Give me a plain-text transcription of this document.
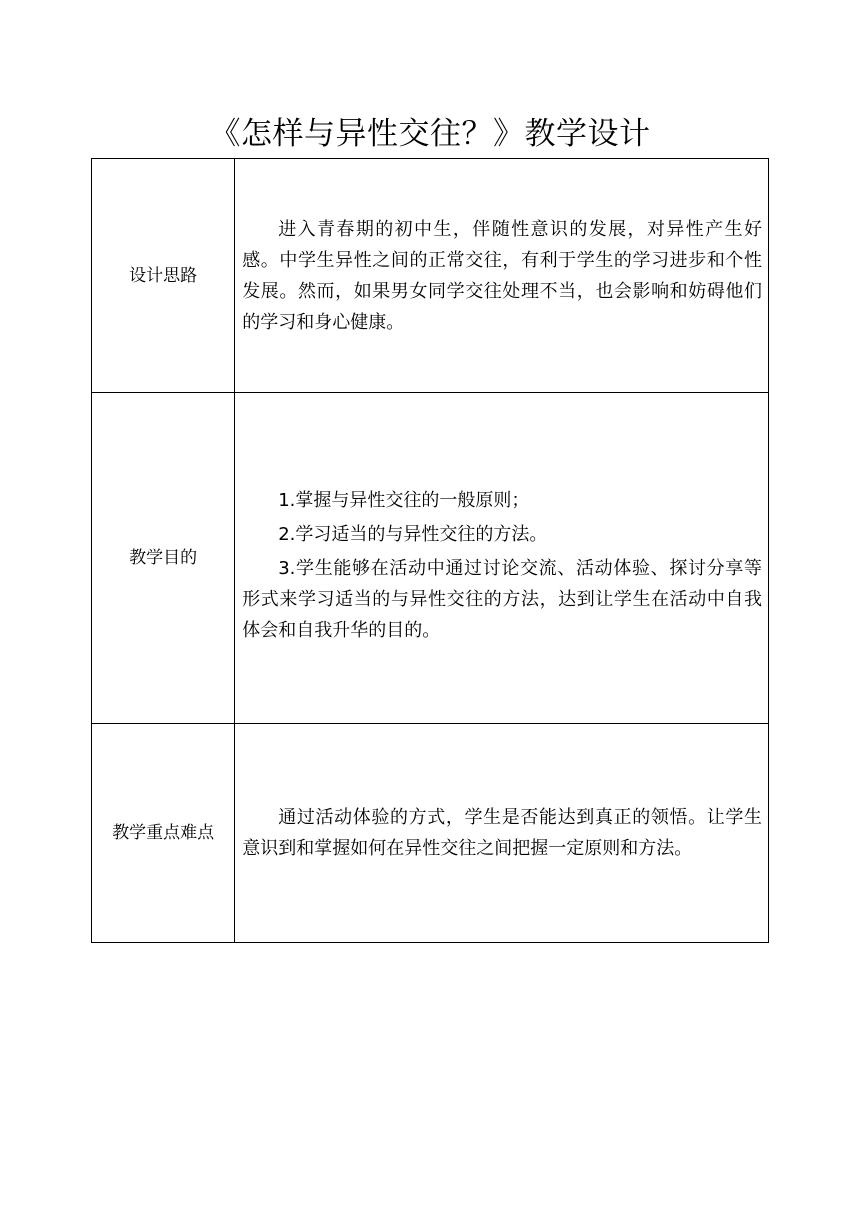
《怎样与异性交往？》教学设计
设计思路	进入青春期的初中生，伴随性意识的发展，对异性产生好感。中学生异性之间的正常交往，有利于学生的学习进步和个性发展。然而，如果男女同学交往处理不当，也会影响和妨碍他们的学习和身心健康。

教学目的	1.掌握与异性交往的一般原则；

2.学习适当的与异性交往的方法。

3.学生能够在活动中通过讨论交流、活动体验、探讨分享等形式来学习适当的与异性交往的方法，达到让学生在活动中自我体会和自我升华的目的。

教学重点难点	通过活动体验的方式，学生是否能达到真正的领悟。让学生意识到和掌握如何在异性交往之间把握一定原则和方法。
